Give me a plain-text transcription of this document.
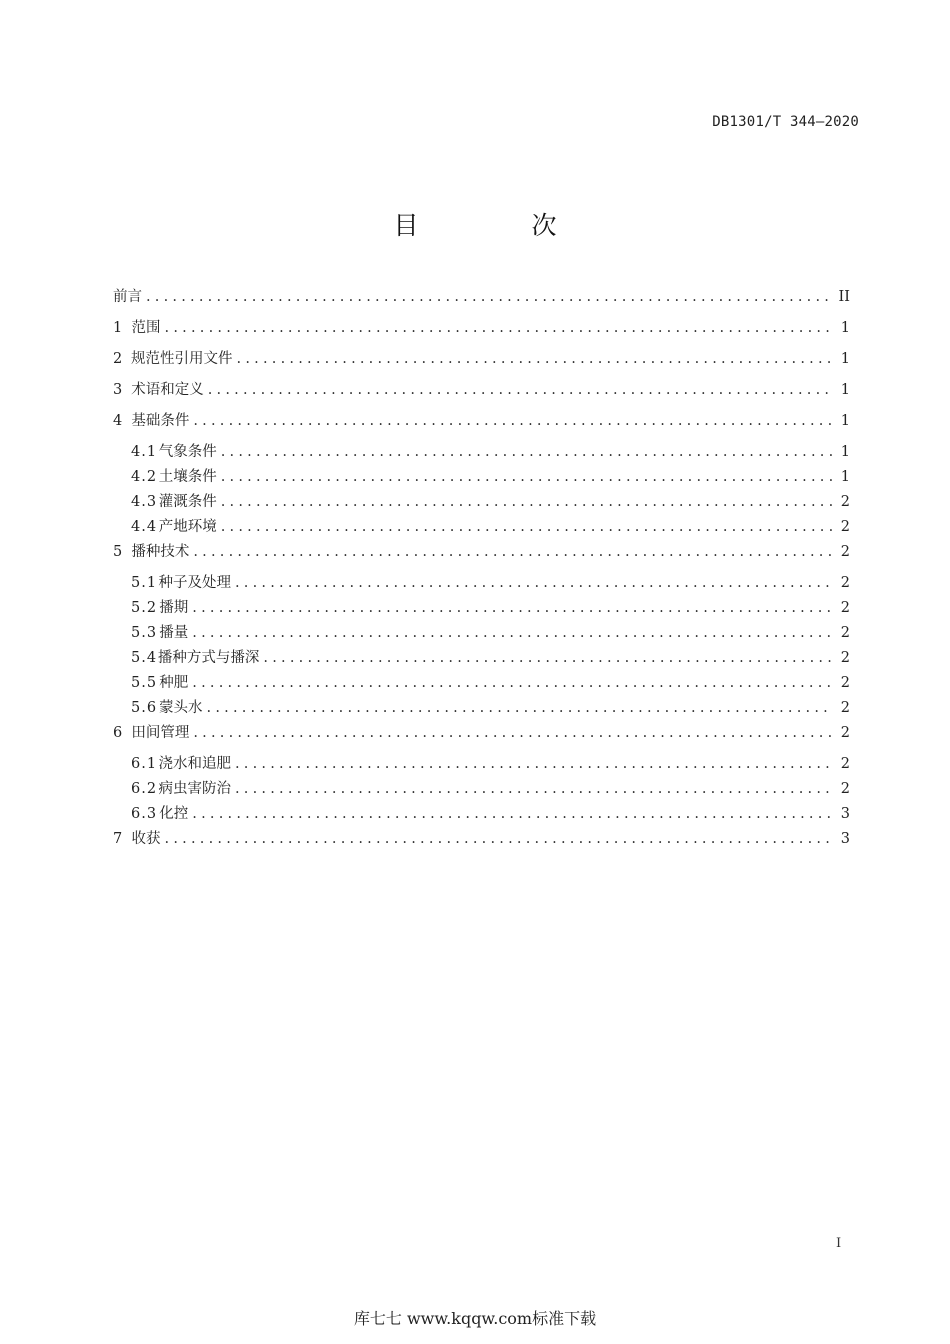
DB1301/T 344—2020
目　次
前言 .....	II
1 范围 .....	1
2 规范性引用文件 .....	1
3 术语和定义 .....	1
4 基础条件 .....	1
4.1 气象条件 .....	1
4.2 土壤条件 .....	1
4.3 灌溉条件 .....	2
4.4 产地环境 .....	2
5 播种技术 .....	2
5.1 种子及处理 .....	2
5.2 播期 .....	2
5.3 播量 .....	2
5.4 播种方式与播深 .....	2
5.5 种肥 .....	2
5.6 蒙头水 .....	2
6 田间管理 .....	2
6.1 浇水和追肥 .....	2
6.2 病虫害防治 .....	2
6.3 化控 .....	3
7 收获 .....	3
I
库七七 www.kqqw.com标准下载
